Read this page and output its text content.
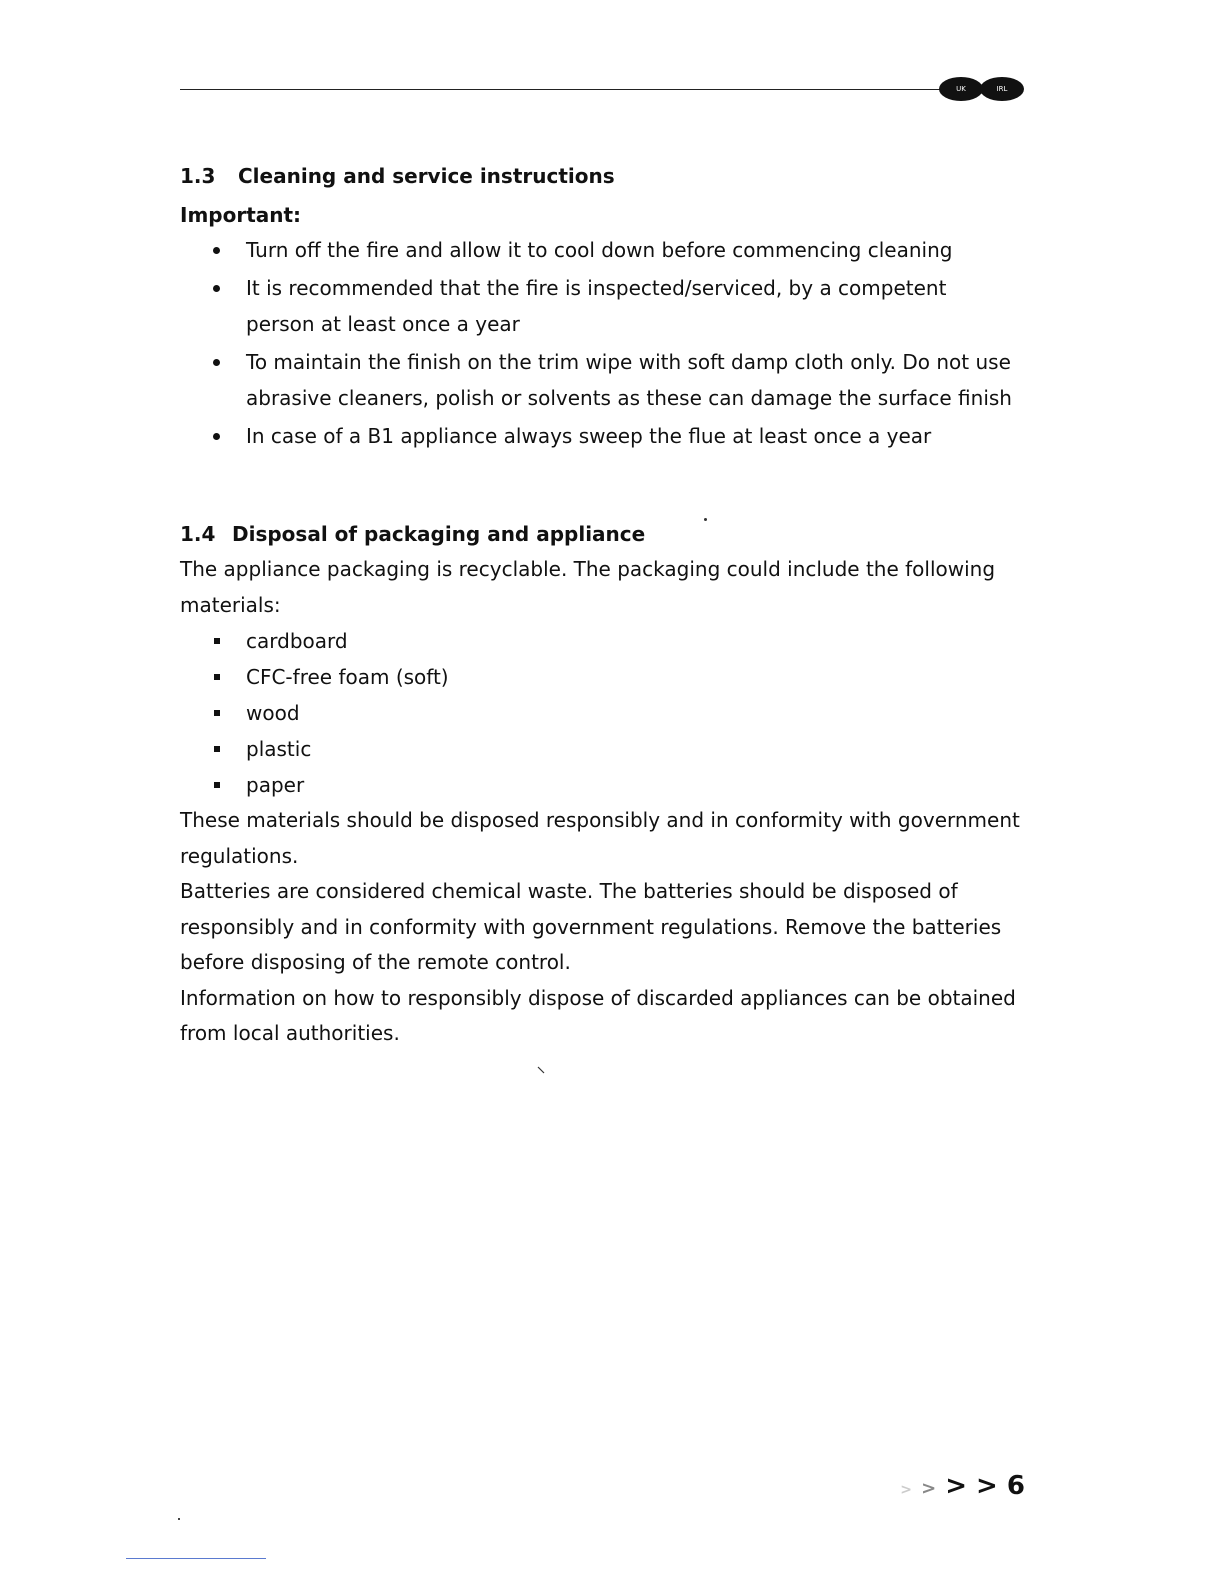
UK	IRL
1.3 Cleaning and service instructions
Important:
Turn off the fire and allow it to cool down before commencing cleaning
It is recommended that the fire is inspected/serviced, by a competent person at least once a year
To maintain the finish on the trim wipe with soft damp cloth only. Do not use abrasive cleaners, polish or solvents as these can damage the surface finish
In case of a B1 appliance always sweep the flue at least once a year
1.4 Disposal of packaging and appliance

The appliance packaging is recyclable. The packaging could include the following materials:

cardboard
CFC-free foam (soft)
wood
plastic
paper

These materials should be disposed responsibly and in conformity with government regulations.

Batteries are considered chemical waste. The batteries should be disposed of responsibly and in conformity with government regulations. Remove the batteries before disposing of the remote control.

Information on how to responsibly dispose of discarded appliances can be obtained from local authorities.

> > > > 6
